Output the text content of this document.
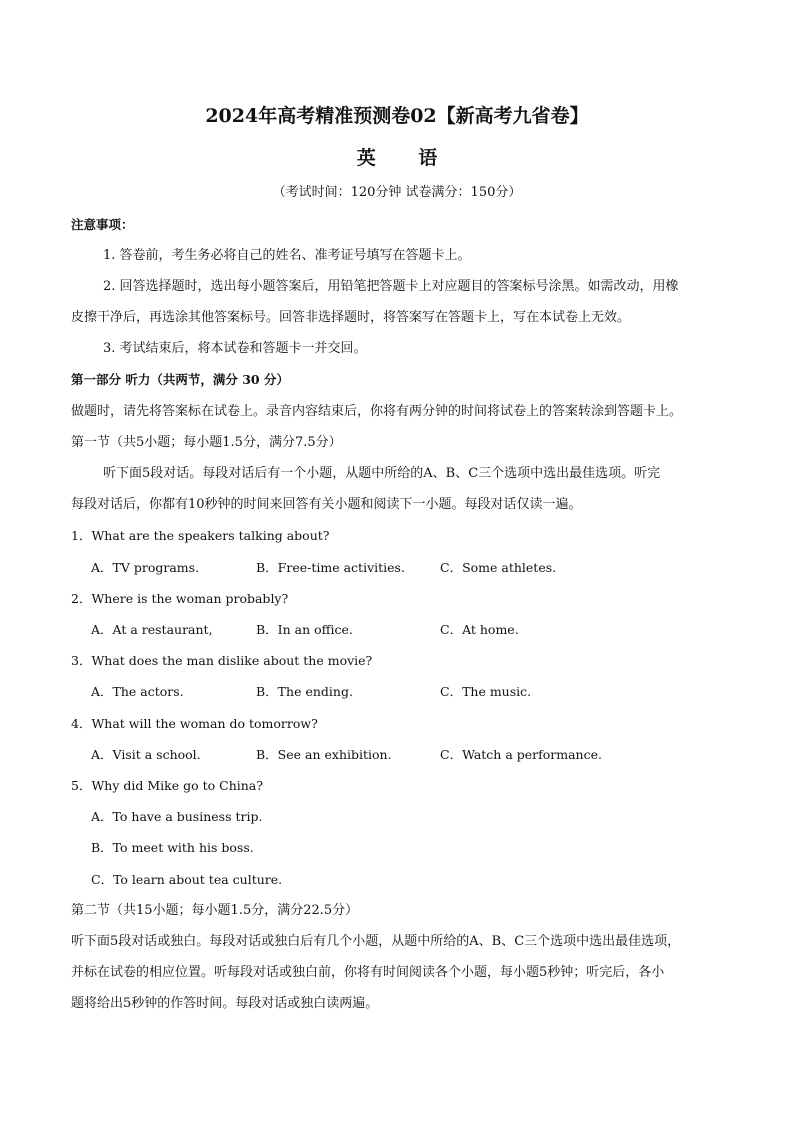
2024年高考精准预测卷02【新高考九省卷】
英 语
（考试时间：120分钟 试卷满分：150分）
注意事项：
1. 答卷前，考生务必将自己的姓名、准考证号填写在答题卡上。
2. 回答选择题时，选出每小题答案后，用铅笔把答题卡上对应题目的答案标号涂黑。如需改动，用橡
皮擦干净后，再选涂其他答案标号。回答非选择题时，将答案写在答题卡上，写在本试卷上无效。
3. 考试结束后，将本试卷和答题卡一并交回。
第一部分 听力（共两节，满分 30 分）
做题时，请先将答案标在试卷上。录音内容结束后，你将有两分钟的时间将试卷上的答案转涂到答题卡上。
第一节（共5小题；每小题1.5分，满分7.5分）
听下面5段对话。每段对话后有一个小题，从题中所给的A、B、C三个选项中选出最佳选项。听完
每段对话后，你都有10秒钟的时间来回答有关小题和阅读下一小题。每段对话仅读一遍。
1．What are the speakers talking about?
A．TV programs.	B．Free-time activities.	C．Some athletes.
2．Where is the woman probably?
A．At a restaurant,	B．In an office.	C．At home.
3．What does the man dislike about the movie?
A．The actors.	B．The ending.	C．The music.
4．What will the woman do tomorrow?
A．Visit a school.	B．See an exhibition.	C．Watch a performance.
5．Why did Mike go to China?
A．To have a business trip.
B．To meet with his boss.
C．To learn about tea culture.
第二节（共15小题；每小题1.5分，满分22.5分）
听下面5段对话或独白。每段对话或独白后有几个小题，从题中所给的A、B、C三个选项中选出最佳选项，
并标在试卷的相应位置。听每段对话或独白前，你将有时间阅读各个小题，每小题5秒钟；听完后，各小
题将给出5秒钟的作答时间。每段对话或独白读两遍。
